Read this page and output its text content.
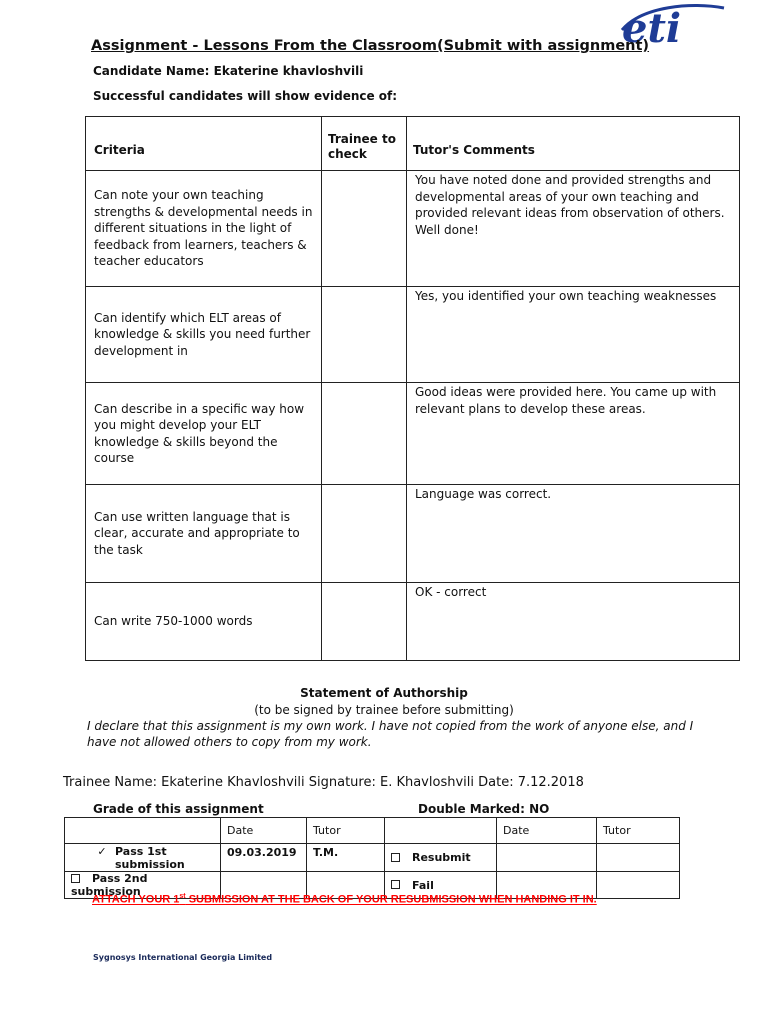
eti
Assignment - Lessons From the Classroom(Submit with assignment)
Candidate Name: Ekaterine khavloshvili
Successful candidates will show evidence of:
Criteria	Trainee to check	Tutor's Comments
Can note your own teaching strengths & developmental needs in different situations in the light of feedback from learners, teachers & teacher educators		You have noted done and provided strengths and developmental areas of your own teaching and provided relevant ideas from observation of others. Well done!
Can identify which ELT areas of knowledge & skills you need further development in		Yes, you identified your own teaching weaknesses
Can describe in a specific way how you might develop your ELT knowledge & skills beyond the course		Good ideas were provided here. You came up with relevant plans to develop these areas.
Can use written language that is clear, accurate and appropriate to the task		Language was correct.
Can write 750-1000 words		OK - correct
Statement of Authorship
(to be signed by trainee before submitting)
I declare that this assignment is my own work. I have not copied from the work of anyone else, and I have not allowed others to copy from my work.
Trainee Name: Ekaterine Khavloshvili Signature: E. Khavloshvili Date: 7.12.2018
Grade of this assignment	Double Marked: NO
	Date	Tutor		Date	Tutor

✓ Pass 1st submission	09.03.2019	T.M.	Resubmit		
Pass 2nd submission			Fail		
ATTACH YOUR 1st SUBMISSION AT THE BACK OF YOUR RESUBMISSION WHEN HANDING IT IN.
Sygnosys International Georgia Limited
